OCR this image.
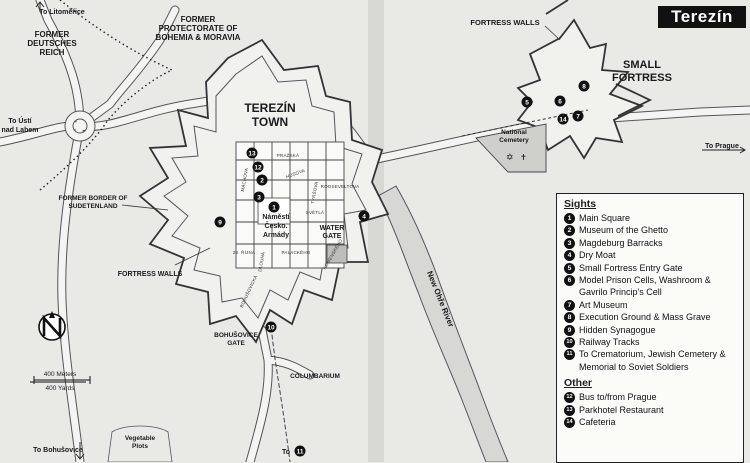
New Ohře River
PRAŽSKÁ
HUSOVA
PALACKÉHO	KOMENSKÉHO
MÁCHOVA
DLOUHÁ
ROOSEVELTOVA
TYRŠOVA
SVĚTLÁ
28. ŘÍJNA
BOHUŠOVICKÁ
✡ ✝
To Litoměřice
FORMER
DEUTSCHES
REICH
FORMER
PROTECTORATE OF
BOHEMIA & MORAVIA
TEREZÍN
TOWN
FORTRESS WALLS
SMALL
FORTRESS
To Ústí
nad Labem
FORMER BORDER OF
SUDETENLAND
National
Cemetery
To Prague
Náměstí
Česko.
Armády
WATER
GATE
FORTRESS WALLS
BOHUŠOVICE
GATE
COLUMBARIUM
To Bohušovice
Vegetable
Plots
To 11
1
2
3
4
5	6
7
8
9
10
12
13
14
400 Meters
400 Yards
Terezín
Sights
1 Main Square
2 Museum of the Ghetto
3 Magdeburg Barracks
4 Dry Moat
5 Small Fortress Entry Gate
6 Model Prison Cells, Washroom & Gavrilo Princip's Cell
7 Art Museum
8 Execution Ground & Mass Grave
9 Hidden Synagogue
10 Railway Tracks
11 To Crematorium, Jewish Cemetery & Memorial to Soviet Soldiers
Other
12 Bus to/from Prague
13 Parkhotel Restaurant
14 Cafeteria
